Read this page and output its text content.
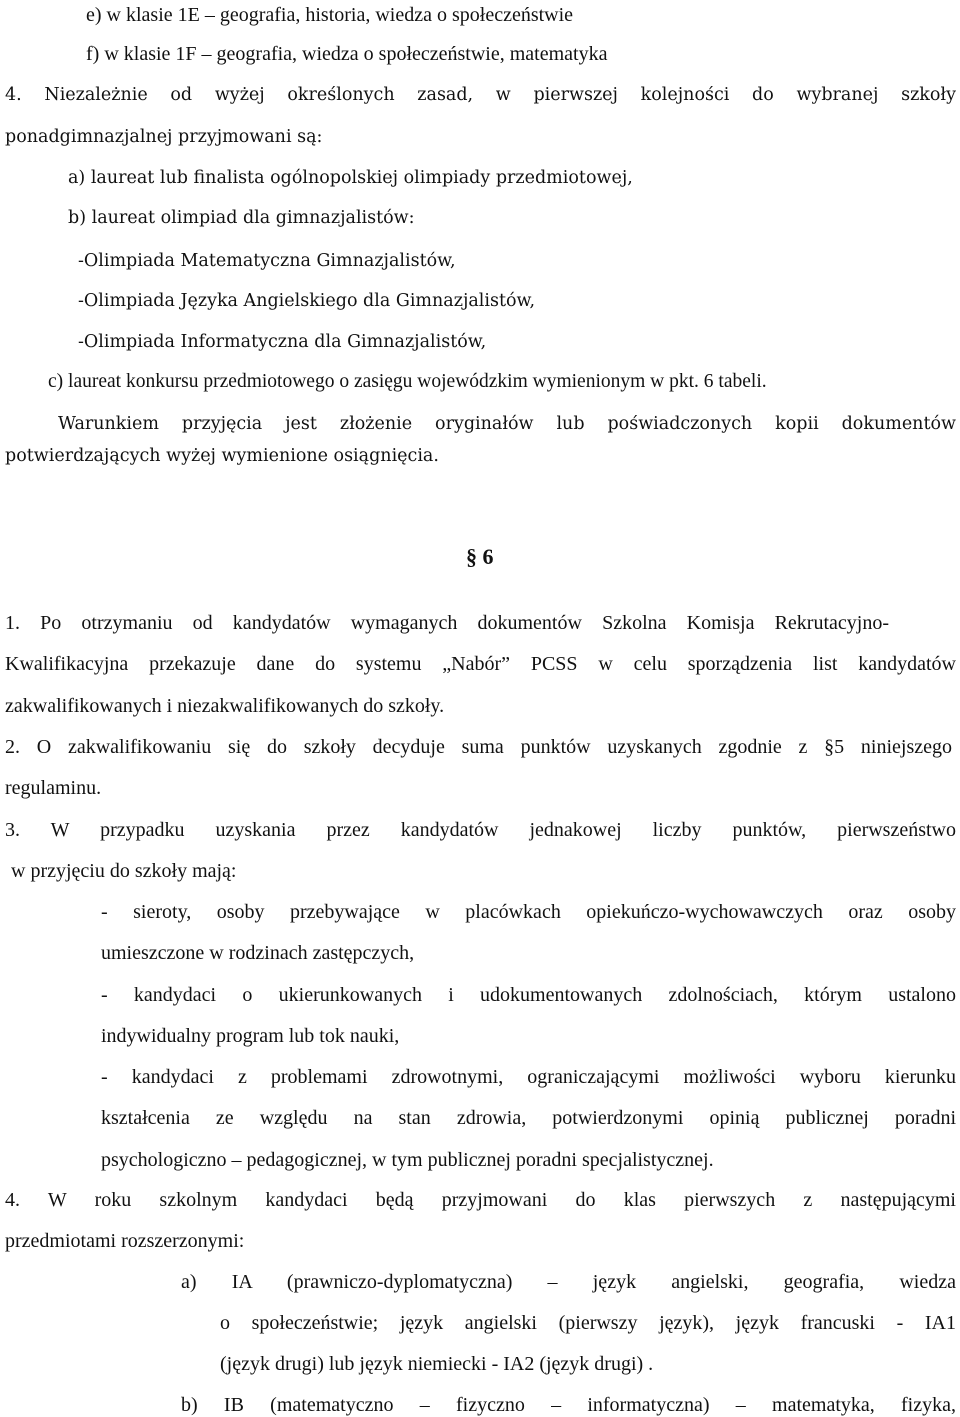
e) w klasie 1E – geografia, historia, wiedza o społeczeństwie
f) w klasie 1F – geografia, wiedza o społeczeństwie, matematyka
4. Niezależnie od wyżej określonych zasad, w pierwszej kolejności do wybranej szkoły
ponadgimnazjalnej przyjmowani są:
a) laureat lub finalista ogólnopolskiej olimpiady przedmiotowej,
b) laureat olimpiad dla gimnazjalistów:
-Olimpiada Matematyczna Gimnazjalistów,
-Olimpiada Języka Angielskiego dla Gimnazjalistów,
-Olimpiada Informatyczna dla Gimnazjalistów,
c) laureat konkursu przedmiotowego o zasięgu wojewódzkim wymienionym w pkt. 6 tabeli.
Warunkiem przyjęcia jest złożenie oryginałów lub poświadczonych kopii dokumentów
potwierdzających wyżej wymienione osiągnięcia.
§ 6
1. Po otrzymaniu od kandydatów wymaganych dokumentów Szkolna Komisja Rekrutacyjno-
Kwalifikacyjna przekazuje dane do systemu „Nabór” PCSS w celu sporządzenia list kandydatów
zakwalifikowanych i niezakwalifikowanych do szkoły.
2. O zakwalifikowaniu się do szkoły decyduje suma punktów uzyskanych zgodnie z §5 niniejszego
regulaminu.
3. W przypadku uzyskania przez kandydatów jednakowej liczby punktów, pierwszeństwo
w przyjęciu do szkoły mają:
- sieroty, osoby przebywające w placówkach opiekuńczo-wychowawczych oraz osoby
umieszczone w rodzinach zastępczych,
- kandydaci o ukierunkowanych i udokumentowanych zdolnościach, którym ustalono
indywidualny program lub tok nauki,
- kandydaci z problemami zdrowotnymi, ograniczającymi możliwości wyboru kierunku
kształcenia ze względu na stan zdrowia, potwierdzonymi opinią publicznej poradni
psychologiczno – pedagogicznej, w tym publicznej poradni specjalistycznej.
4. W roku szkolnym kandydaci będą przyjmowani do klas pierwszych z następującymi
przedmiotami rozszerzonymi:
a) IA (prawniczo-dyplomatyczna) – język angielski, geografia, wiedza
o społeczeństwie; język angielski (pierwszy język), język francuski - IA1
(język drugi) lub język niemiecki - IA2 (język drugi) .
b) IB (matematyczno – fizyczno – informatyczna) – matematyka, fizyka,
